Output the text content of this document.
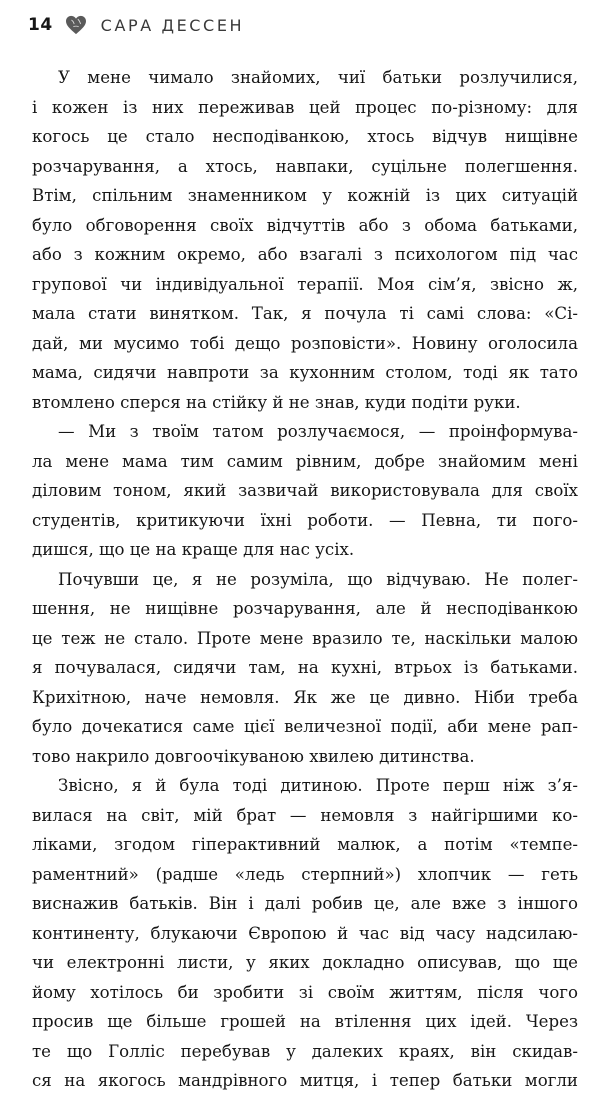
14	САРА ДЕССЕН
У мене чимало знайомих, чиї батьки розлучилися,
і кожен із них переживав цей процес по-різному: для
когось це стало несподіванкою, хтось відчув нищівне
розчарування, а хтось, навпаки, суцільне полегшення.
Втім, спільним знаменником у кожній із цих ситуацій
було обговорення своїх відчуттів або з обома батьками,
або з кожним окремо, або взагалі з психологом під час
групової чи індивідуальної терапії. Моя сім’я, звісно ж,
мала стати винятком. Так, я почула ті самі слова: «Сі-
дай, ми мусимо тобі дещо розповісти». Новину оголосила
мама, сидячи навпроти за кухонним столом, тоді як тато
втомлено сперся на стійку й не знав, куди подіти руки.
— Ми з твоїм татом розлучаємося, — проінформува-
ла мене мама тим самим рівним, добре знайомим мені
діловим тоном, який зазвичай використовувала для своїх
студентів, критикуючи їхні роботи. — Певна, ти пого-
дишся, що це на краще для нас усіх.
Почувши це, я не розуміла, що відчуваю. Не полег-
шення, не нищівне розчарування, але й несподіванкою
це теж не стало. Проте мене вразило те, наскільки малою
я почувалася, сидячи там, на кухні, втрьох із батьками.
Крихітною, наче немовля. Як же це дивно. Ніби треба
було дочекатися саме цієї величезної події, аби мене рап-
тово накрило довгоочікуваною хвилею дитинства.
Звісно, я й була тоді дитиною. Проте перш ніж з’я-
вилася на світ, мій брат — немовля з найгіршими ко-
ліками, згодом гіперактивний малюк, а потім «темпе-
раментний» (радше «ледь стерпний») хлопчик — геть
виснажив батьків. Він і далі робив це, але вже з іншого
континенту, блукаючи Європою й час від часу надсилаю-
чи електронні листи, у яких докладно описував, що ще
йому хотілось би зробити зі своїм життям, після чого
просив ще більше грошей на втілення цих ідей. Через
те що Голліс перебував у далеких краях, він скидав-
ся на якогось мандрівного митця, і тепер батьки могли
